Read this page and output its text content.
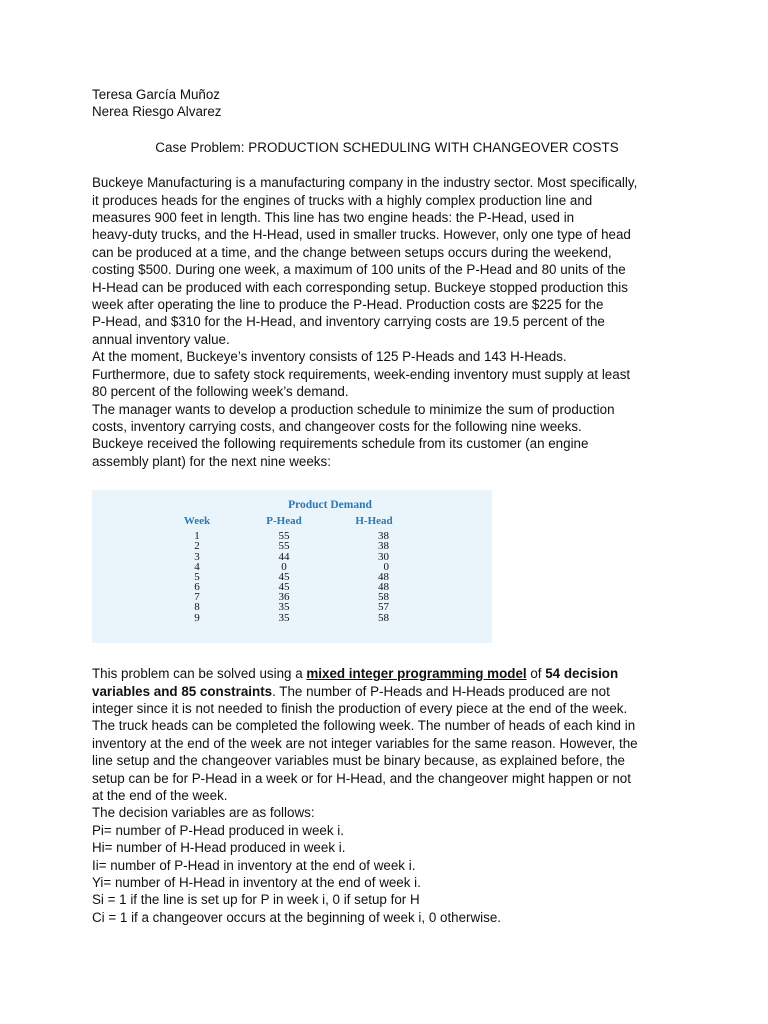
Teresa García Muñoz
Nerea Riesgo Alvarez
Case Problem: PRODUCTION SCHEDULING WITH CHANGEOVER COSTS
Buckeye Manufacturing is a manufacturing company in the industry sector. Most specifically,
it produces heads for the engines of trucks with a highly complex production line and
measures 900 feet in length. This line has two engine heads: the P-Head, used in
heavy-duty trucks, and the H-Head, used in smaller trucks. However, only one type of head
can be produced at a time, and the change between setups occurs during the weekend,
costing $500. During one week, a maximum of 100 units of the P-Head and 80 units of the
H-Head can be produced with each corresponding setup. Buckeye stopped production this
week after operating the line to produce the P-Head. Production costs are $225 for the
P-Head, and $310 for the H-Head, and inventory carrying costs are 19.5 percent of the
annual inventory value.
At the moment, Buckeye’s inventory consists of 125 P-Heads and 143 H-Heads.
Furthermore, due to safety stock requirements, week-ending inventory must supply at least
80 percent of the following week’s demand.
The manager wants to develop a production schedule to minimize the sum of production
costs, inventory carrying costs, and changeover costs for the following nine weeks.
Buckeye received the following requirements schedule from its customer (an engine
assembly plant) for the next nine weeks:
Product Demand
Week	P-Head	H-Head
1	55	38
2	55	38
3	44	30
4	0	0
5	45	48
6	45	48
7	36	58
8	35	57
9	35	58
This problem can be solved using a mixed integer programming model of 54 decision
variables and 85 constraints. The number of P-Heads and H-Heads produced are not
integer since it is not needed to finish the production of every piece at the end of the week.
The truck heads can be completed the following week. The number of heads of each kind in
inventory at the end of the week are not integer variables for the same reason. However, the
line setup and the changeover variables must be binary because, as explained before, the
setup can be for P-Head in a week or for H-Head, and the changeover might happen or not
at the end of the week.
The decision variables are as follows:
Pi= number of P-Head produced in week i.
Hi= number of H-Head produced in week i.
Ii= number of P-Head in inventory at the end of week i.
Yi= number of H-Head in inventory at the end of week i.
Si = 1 if the line is set up for P in week i, 0 if setup for H
Ci = 1 if a changeover occurs at the beginning of week i, 0 otherwise.
